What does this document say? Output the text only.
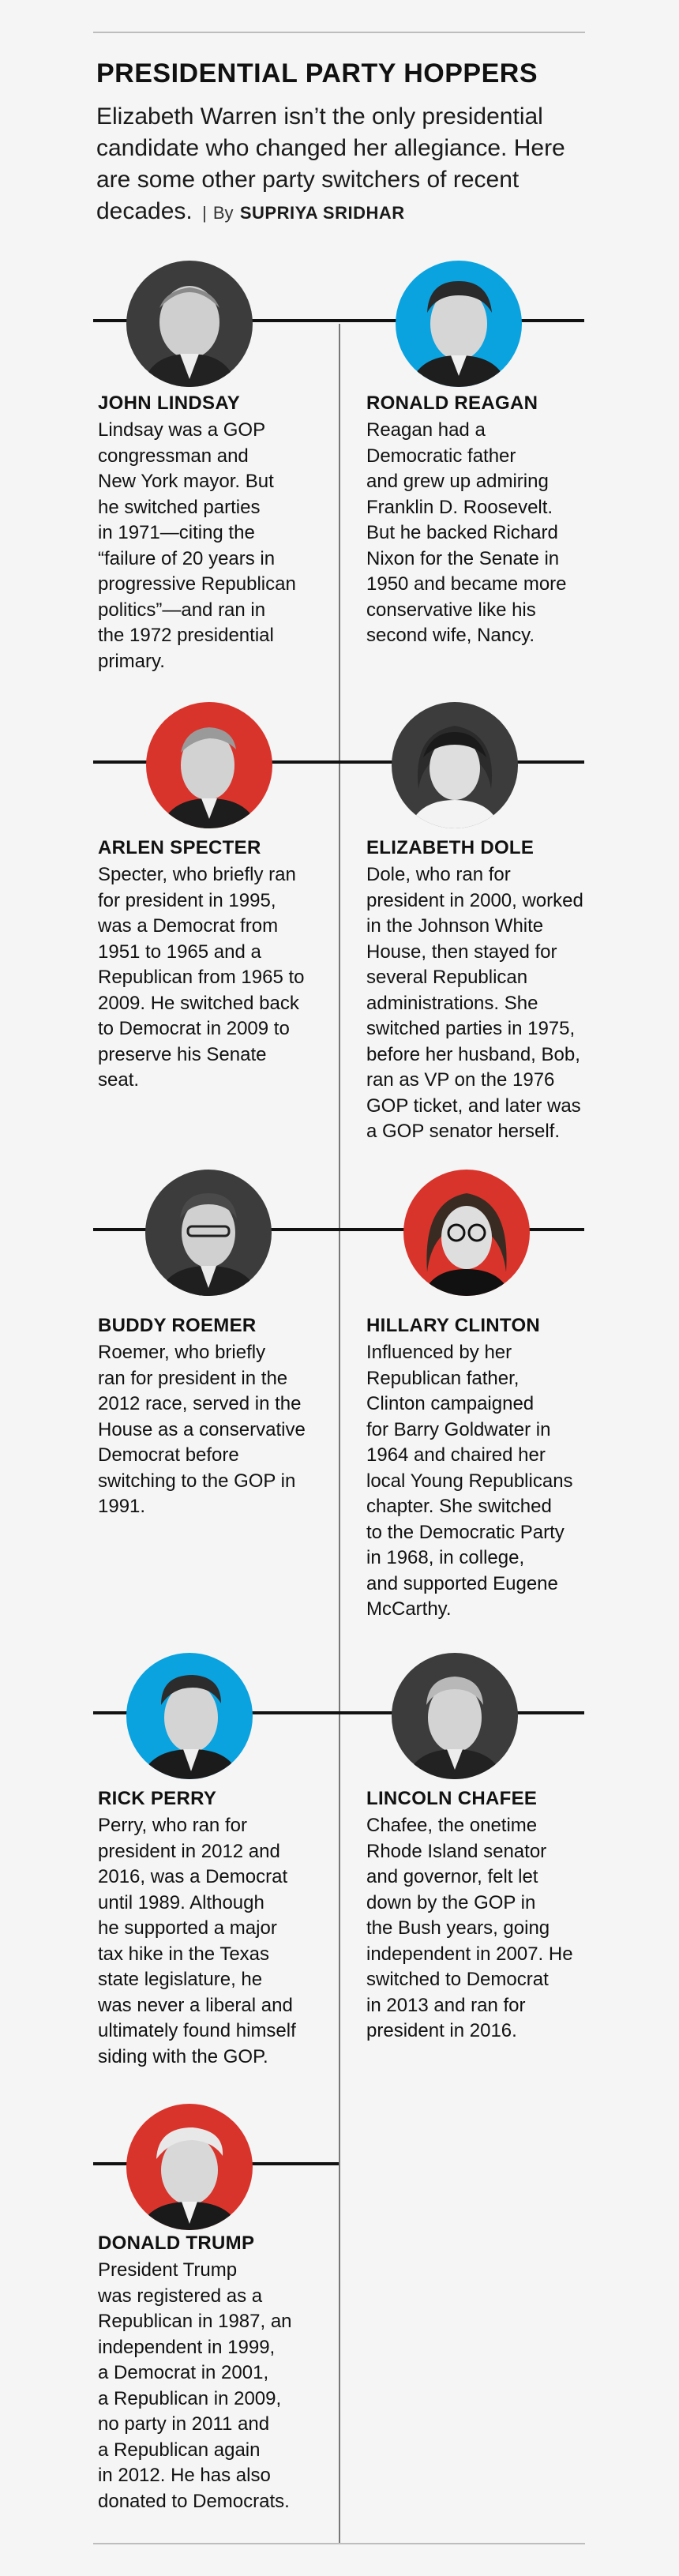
PRESIDENTIAL PARTY HOPPERS
Elizabeth Warren isn’t the only presidential candidate who changed her allegiance. Here are some other party switchers of recent decades. | By SUPRIYA SRIDHAR
JOHN LINDSAY
Lindsay was a GOP
congressman and
New York mayor. But
he switched parties
in 1971—citing the
“failure of 20 years in
progressive Republican
politics”—and ran in
the 1972 presidential
primary.
RONALD REAGAN
Reagan had a
Democratic father
and grew up admiring
Franklin D. Roosevelt.
But he backed Richard
Nixon for the Senate in
1950 and became more
conservative like his
second wife, Nancy.
ARLEN SPECTER
Specter, who briefly ran
for president in 1995,
was a Democrat from
1951 to 1965 and a
Republican from 1965 to
2009. He switched back
to Democrat in 2009 to
preserve his Senate
seat.
ELIZABETH DOLE
Dole, who ran for
president in 2000, worked
in the Johnson White
House, then stayed for
several Republican
administrations. She
switched parties in 1975,
before her husband, Bob,
ran as VP on the 1976
GOP ticket, and later was
a GOP senator herself.
BUDDY ROEMER
Roemer, who briefly
ran for president in the
2012 race, served in the
House as a conservative
Democrat before
switching to the GOP in
1991.
HILLARY CLINTON
Influenced by her
Republican father,
Clinton campaigned
for Barry Goldwater in
1964 and chaired her
local Young Republicans
chapter. She switched
to the Democratic Party
in 1968, in college,
and supported Eugene
McCarthy.
RICK PERRY
Perry, who ran for
president in 2012 and
2016, was a Democrat
until 1989. Although
he supported a major
tax hike in the Texas
state legislature, he
was never a liberal and
ultimately found himself
siding with the GOP.
LINCOLN CHAFEE
Chafee, the onetime
Rhode Island senator
and governor, felt let
down by the GOP in
the Bush years, going
independent in 2007. He
switched to Democrat
in 2013 and ran for
president in 2016.
DONALD TRUMP
President Trump
was registered as a
Republican in 1987, an
independent in 1999,
a Democrat in 2001,
a Republican in 2009,
no party in 2011 and
a Republican again
in 2012. He has also
donated to Democrats.
